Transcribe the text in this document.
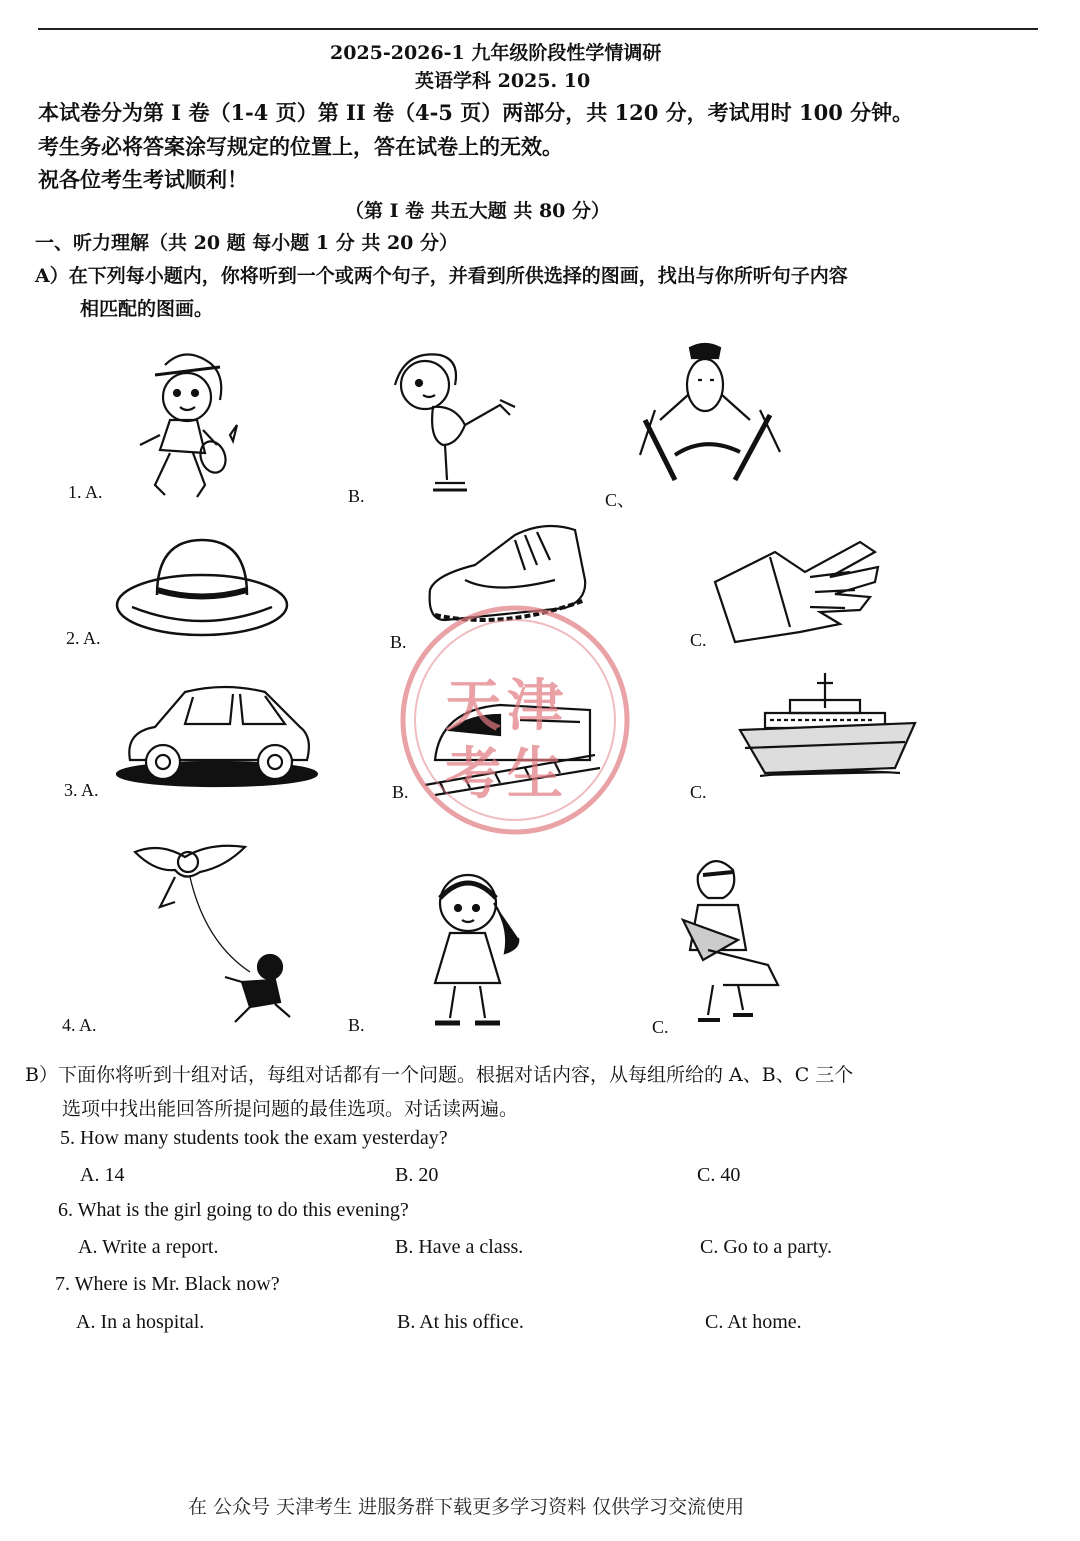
2025-2026-1 九年级阶段性学情调研
英语学科 2025. 10
本试卷分为第 I 卷（1-4 页）第 II 卷（4-5 页）两部分，共 120 分，考试用时 100 分钟。
考生务必将答案涂写规定的位置上，答在试卷上的无效。
祝各位考生考试顺利！
（第 I 卷 共五大题 共 80 分）
一、听力理解（共 20 题 每小题 1 分 共 20 分）
A）在下列每小题内，你将听到一个或两个句子，并看到所供选择的图画，找出与你所听句子内容
相匹配的图画。
1. A.	B.	C、
2. A.	B.	C.
3. A.	B.	C.
4. A.	B.	C.
天津
考生
B）下面你将听到十组对话，每组对话都有一个问题。根据对话内容，从每组所给的 A、B、C 三个
选项中找出能回答所提问题的最佳选项。对话读两遍。
5. How many students took the exam yesterday?
A. 14	B. 20	C. 40
6. What is the girl going to do this evening?
A. Write a report.	B. Have a class.	C. Go to a party.
7. Where is Mr. Black now?
A. In a hospital.	B. At his office.	C. At home.
在 公众号 天津考生 进服务群下载更多学习资料 仅供学习交流使用
